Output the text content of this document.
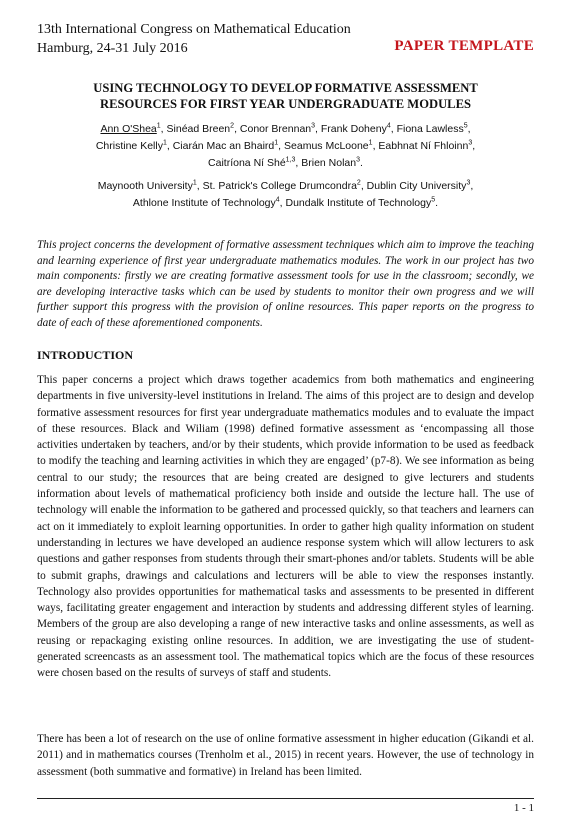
13th International Congress on Mathematical Education
Hamburg, 24-31 July 2016	PAPER TEMPLATE
USING TECHNOLOGY TO DEVELOP FORMATIVE ASSESSMENT
RESOURCES FOR FIRST YEAR UNDERGRADUATE MODULES
Ann O'Shea$^1$, Sinéad Breen$^2$, Conor Brennan$^3$, Frank Doheny$^4$, Fiona Lawless$^5$,
Christine Kelly$^1$, Ciarán Mac an Bhaird$^1$, Seamus McLoone$^1$, Eabhnat Ní Fhloinn$^3$,
Caitríona Ní Shé$^{1,3}$, Brien Nolan$^3$.
Maynooth University$^1$, St. Patrick's College Drumcondra$^2$, Dublin City University$^3$,
Athlone Institute of Technology$^4$, Dundalk Institute of Technology$^5$.
This project concerns the development of formative assessment techniques which aim to improve the teaching and learning experience of first year undergraduate mathematics modules. The work in our project has two main components: firstly we are creating formative assessment tools for use in the classroom; secondly, we are developing interactive tasks which can be used by students to monitor their own progress and we will further support this progress with the provision of online resources. This paper reports on the progress to date of each of these aforementioned components.
INTRODUCTION
This paper concerns a project which draws together academics from both mathematics and engineering departments in five university-level institutions in Ireland. The aims of this project are to design and develop formative assessment resources for first year undergraduate mathematics modules and to evaluate the impact of these resources. Black and Wiliam (1998) defined formative assessment as ‘encompassing all those activities undertaken by teachers, and/or by their students, which provide information to be used as feedback to modify the teaching and learning activities in which they are engaged’ (p7-8). We see information as being central to our study; the resources that are being created are designed to give lecturers and students information about levels of mathematical proficiency both inside and outside the lecture hall. The use of technology will enable the information to be gathered and processed quickly, so that teachers and learners can act on it immediately to exploit learning opportunities. In order to gather high quality information on student understanding in lectures we have developed an audience response system which will allow lecturers to ask questions and gather responses from students through their smart-phones and/or tablets. Students will be able to submit graphs, drawings and calculations and lecturers will be able to view the responses instantly. Technology also provides opportunities for mathematical tasks and assessments to be presented in different ways, facilitating greater engagement and interaction by students and addressing different styles of learning. Members of the group are also developing a range of new interactive tasks and online assessments, as well as reusing or repackaging existing online resources. In addition, we are investigating the use of student-generated screencasts as an assessment tool. The mathematical topics which are the focus of these resources were chosen based on the results of surveys of staff and students.
There has been a lot of research on the use of online formative assessment in higher education (Gikandi et al. 2011) and in mathematics courses (Trenholm et al., 2015) in recent years. However, the use of technology in assessment (both summative and formative) in Ireland has been limited.
1 - 1
